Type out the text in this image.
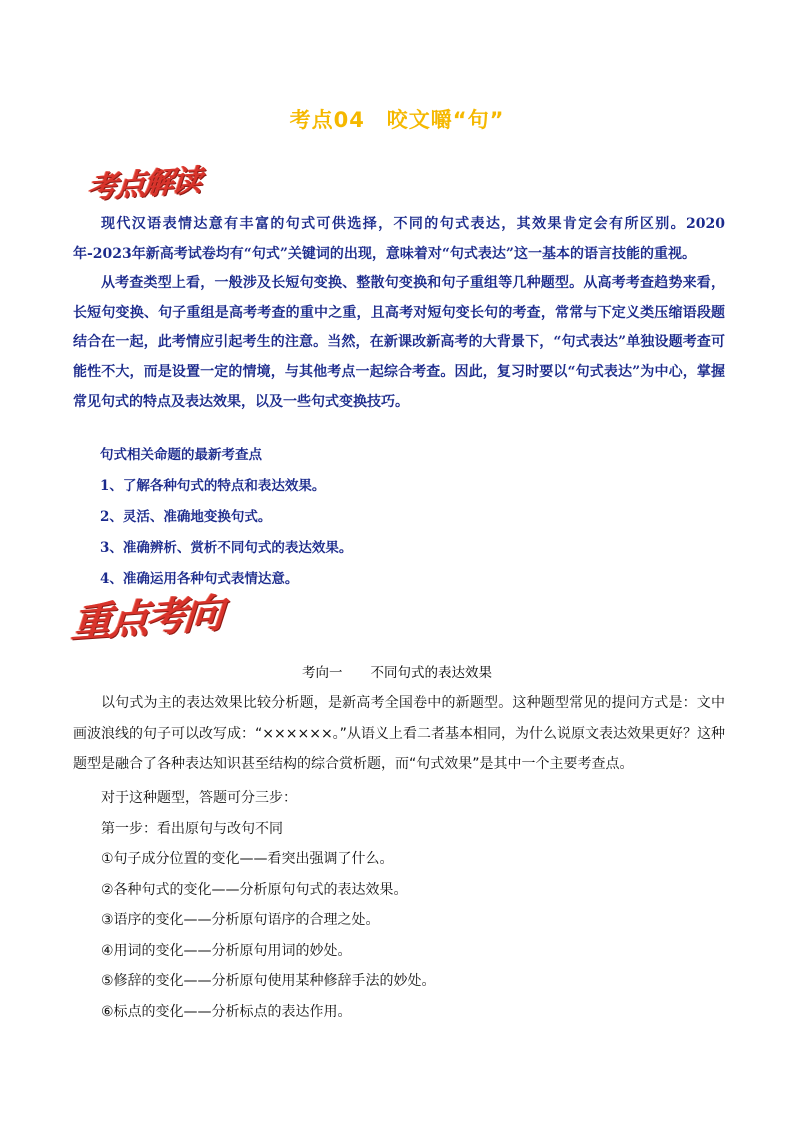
考点04　咬文嚼“句”
考点解读

现代汉语表情达意有丰富的句式可供选择，不同的句式表达，其效果肯定会有所区别。2020年-2023年新高考试卷均有“句式”关键词的出现，意味着对“句式表达”这一基本的语言技能的重视。

从考查类型上看，一般涉及长短句变换、整散句变换和句子重组等几种题型。从高考考查趋势来看，长短句变换、句子重组是高考考查的重中之重，且高考对短句变长句的考查，常常与下定义类压缩语段题结合在一起，此考情应引起考生的注意。当然，在新课改新高考的大背景下，“句式表达”单独设题考查可能性不大，而是设置一定的情境，与其他考点一起综合考查。因此，复习时要以“句式表达”为中心，掌握常见句式的特点及表达效果，以及一些句式变换技巧。

句式相关命题的最新考查点
1、了解各种句式的特点和表达效果。
2、灵活、准确地变换句式。
3、准确辨析、赏析不同句式的表达效果。
4、准确运用各种句式表情达意。
重点考向
考向一 不同句式的表达效果

以句式为主的表达效果比较分析题，是新高考全国卷中的新题型。这种题型常见的提问方式是：文中画波浪线的句子可以改写成：“××××××。”从语义上看二者基本相同，为什么说原文表达效果更好？这种题型是融合了各种表达知识甚至结构的综合赏析题，而“句式效果”是其中一个主要考查点。

对于这种题型，答题可分三步：
第一步：看出原句与改句不同
①句子成分位置的变化——看突出强调了什么。
②各种句式的变化——分析原句句式的表达效果。
③语序的变化——分析原句语序的合理之处。
④用词的变化——分析原句用词的妙处。
⑤修辞的变化——分析原句使用某种修辞手法的妙处。
⑥标点的变化——分析标点的表达作用。
